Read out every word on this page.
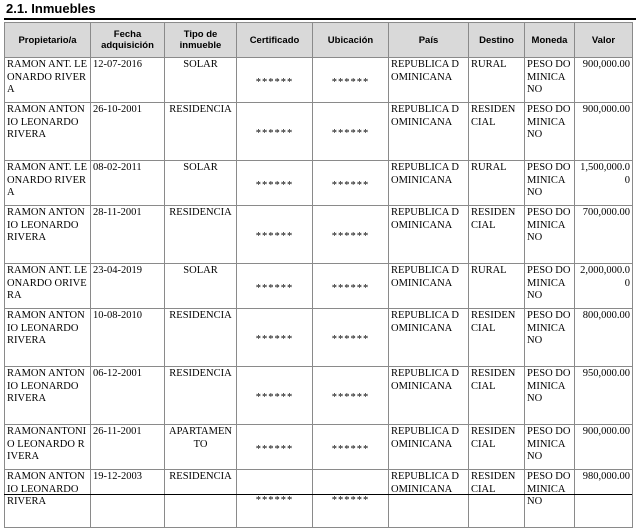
2.1. Inmuebles
Propietario/a	Fecha adquisición	Tipo de inmueble	Certificado	Ubicación	País	Destino	Moneda	Valor
RAMON ANT. LEONARDO RIVERA	12-07-2016	SOLAR	******	******	REPUBLICA DOMINICANA	RURAL	PESO DOMINICANO	900,000.00
RAMON ANTONIO LEONARDO RIVERA	26-10-2001	RESIDENCIA	******	******	REPUBLICA DOMINICANA	RESIDENCIAL	PESO DOMINICANO	900,000.00
RAMON ANT. LEONARDO RIVERA	08-02-2011	SOLAR	******	******	REPUBLICA DOMINICANA	RURAL	PESO DOMINICANO	1,500,000.00
RAMON ANTONIO LEONARDO RIVERA	28-11-2001	RESIDENCIA	******	******	REPUBLICA DOMINICANA	RESIDENCIAL	PESO DOMINICANO	700,000.00
RAMON ANT. LEONARDO ORIVERA	23-04-2019	SOLAR	******	******	REPUBLICA DOMINICANA	RURAL	PESO DOMINICANO	2,000,000.00
RAMON ANTONIO LEONARDO RIVERA	10-08-2010	RESIDENCIA	******	******	REPUBLICA DOMINICANA	RESIDENCIAL	PESO DOMINICANO	800,000.00
RAMON ANTONIO LEONARDO RIVERA	06-12-2001	RESIDENCIA	******	******	REPUBLICA DOMINICANA	RESIDENCIAL	PESO DOMINICANO	950,000.00
RAMONANTONIO LEONARDO RIVERA	26-11-2001	APARTAMENTO	******	******	REPUBLICA DOMINICANA	RESIDENCIAL	PESO DOMINICANO	900,000.00
RAMON ANTONIO LEONARDO RIVERA	19-12-2003	RESIDENCIA	******	******	REPUBLICA DOMINICANA	RESIDENCIAL	PESO DOMINICANO	980,000.00
